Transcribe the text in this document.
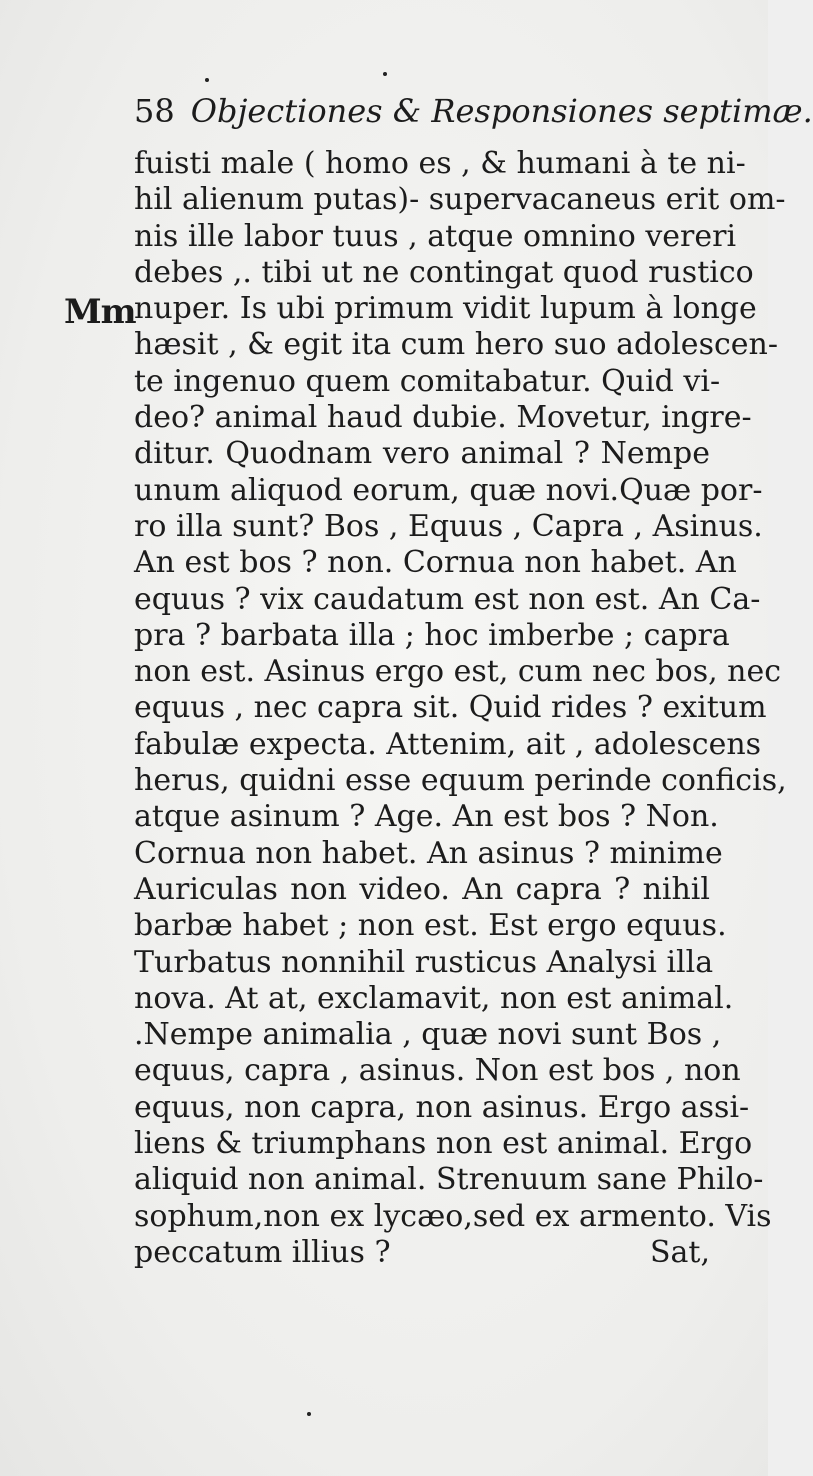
58 Objectiones & Responsiones septimæ.
Mm
fuisti male ( homo es , & humani à te ni-
hil alienum putas)- supervacaneus erit om-
nis ille labor tuus , atque omnino vereri
debes ,. tibi ut ne contingat quod rustico
nuper. Is ubi primum vidit lupum à longe
hæsit , & egit ita cum hero suo adolescen-
te ingenuo quem comitabatur. Quid vi-
deo? animal haud dubie. Movetur, ingre-
ditur. Quodnam vero animal ? Nempe
unum aliquod eorum, quæ novi.Quæ por-
ro illa sunt? Bos , Equus , Capra , Asinus.
An est bos ? non. Cornua non habet. An
equus ? vix caudatum est non est. An Ca-
pra ? barbata illa ; hoc imberbe ; capra
non est. Asinus ergo est, cum nec bos, nec
equus , nec capra sit. Quid rides ? exitum
fabulæ expecta. Attenim, ait , adolescens
herus, quidni esse equum perinde conficis,
atque asinum ? Age. An est bos ? Non.
Cornua non habet. An asinus ? minime
Auriculas non video. An capra ? nihil
barbæ habet ; non est. Est ergo equus.
Turbatus nonnihil rusticus Analysi illa
nova. At at, exclamavit, non est animal.
.Nempe animalia , quæ novi sunt Bos ,
equus, capra , asinus. Non est bos , non
equus, non capra, non asinus. Ergo assi-
liens & triumphans non est animal. Ergo
aliquid non animal. Strenuum sane Philo-
sophum,non ex lycæo,sed ex armento. Vis
peccatum illius ?	Sat,
